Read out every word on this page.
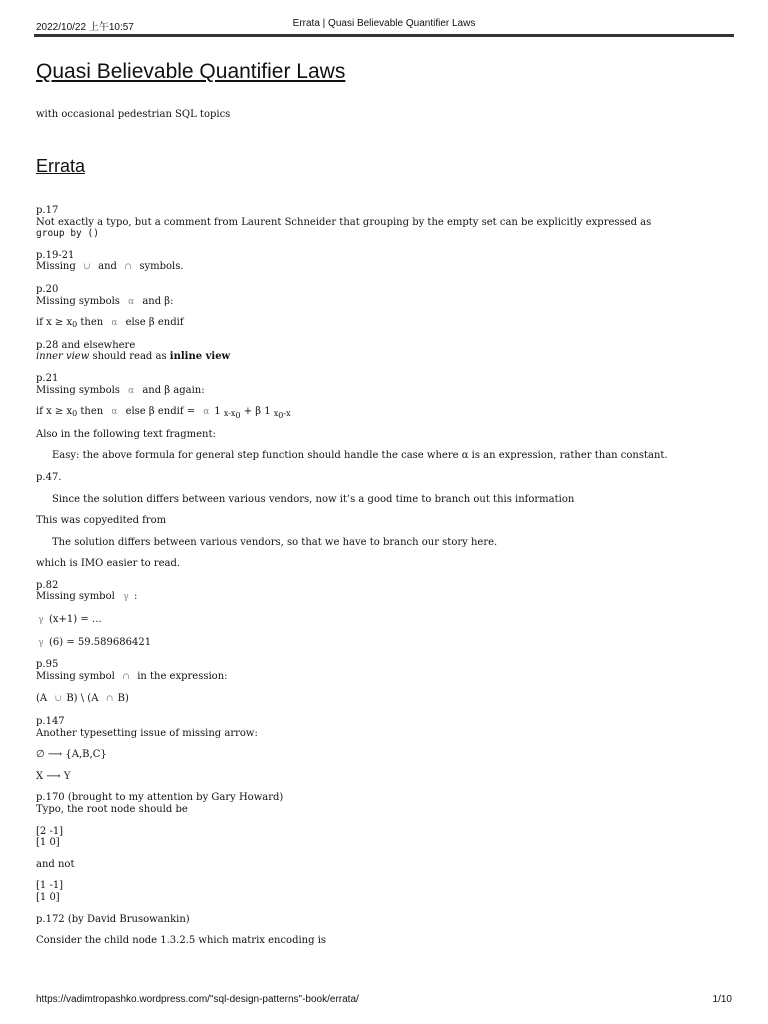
2022/10/22 上午10:57	Errata | Quasi Believable Quantifier Laws
Quasi Believable Quantifier Laws
with occasional pedestrian SQL topics
Errata
p.17
Not exactly a typo, but a comment from Laurent Schneider that grouping by the empty set can be explicitly expressed as
group by ()
p.19-21
Missing ∪ and ∩ symbols.
p.20
Missing symbols α and β:
if $x \ge x_0$ then α else β endif
p.28 and elsewhere
inner view should read as inline view
p.21
Missing symbols α and β again:
if $x \ge x_0$ then α else β endif = α 1 $_{x-x_0}$ + β 1 $_{x_0-x}$
Also in the following text fragment:
Easy: the above formula for general step function should handle the case where α is an expression, rather than constant.
p.47.
Since the solution differs between various vendors, now it’s a good time to branch out this information
This was copyedited from
The solution differs between various vendors, so that we have to branch our story here.
which is IMO easier to read.
p.82
Missing symbol γ :
γ (x+1) = …
γ (6) = 59.589686421
p.95
Missing symbol ∩ in the expression:
(A ∪ B) \ (A ∩ B)
p.147
Another typesetting issue of missing arrow:
∅ ⟶ {A,B,C}
X ⟶ Y
p.170 (brought to my attention by Gary Howard)
Typo, the root node should be
[2 -1]
[1 0]
and not
[1 -1]
[1 0]
p.172 (by David Brusowankin)
Consider the child node 1.3.2.5 which matrix encoding is
https://vadimtropashko.wordpress.com/"sql-design-patterns"-book/errata/	1/10
